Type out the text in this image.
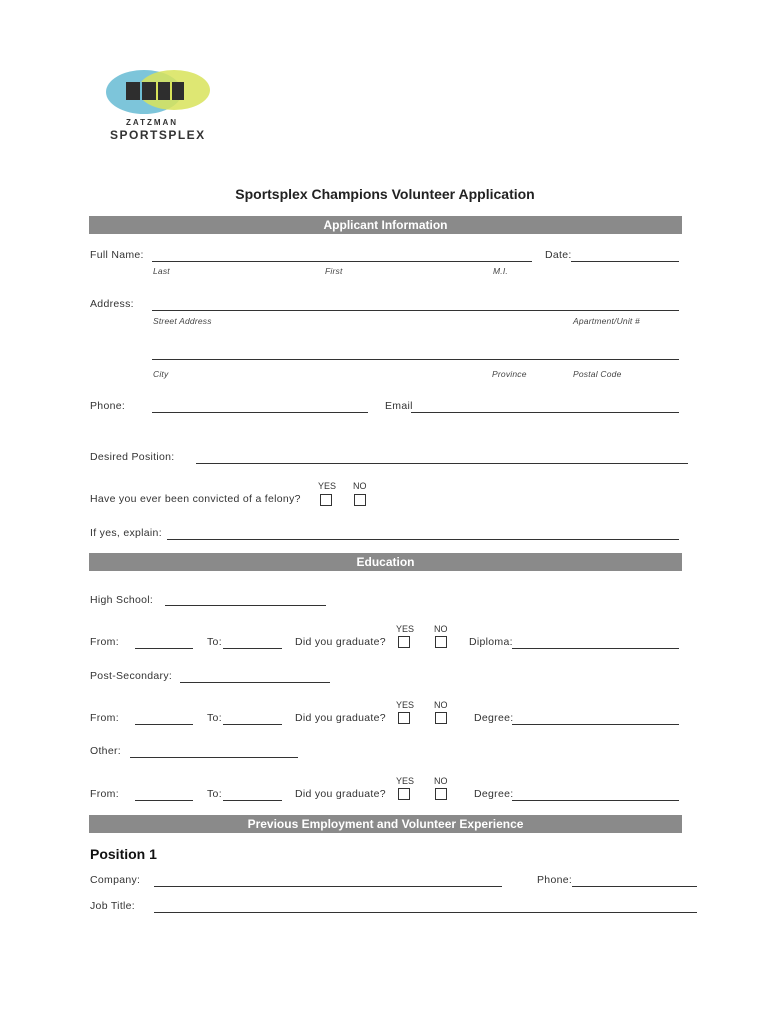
ZATZMAN
SPORTSPLEX
Sportsplex Champions Volunteer Application
Applicant Information
Full Name:	Date:
Last	First	M.I.
Address:
Street Address	Apartment/Unit #
City	Province	Postal Code
Phone:	Email
Desired Position:
YES NO
Have you ever been convicted of a felony?
If yes, explain:
Education
High School:
YES NO
From:	To:	Did you graduate?	Diploma:
Post-Secondary:
YES NO
From:	To:	Did you graduate?	Degree:
Other:
YES NO
From:	To:	Did you graduate?	Degree:
Previous Employment and Volunteer Experience
Position 1
Company:	Phone:
Job Title:
